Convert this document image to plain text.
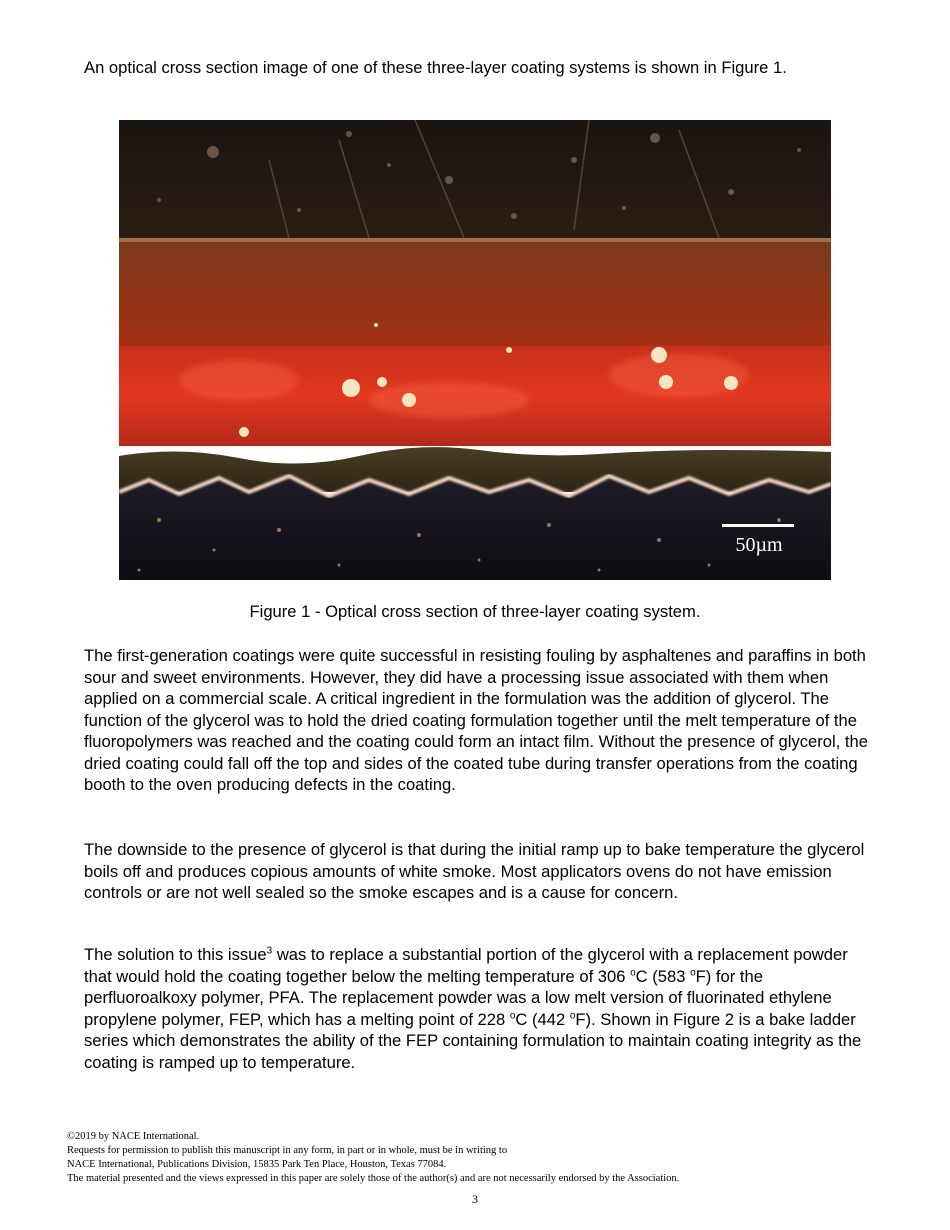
An optical cross section image of one of these three-layer coating systems is shown in Figure 1.

50µm
Figure 1 - Optical cross section of three-layer coating system.

The first-generation coatings were quite successful in resisting fouling by asphaltenes and paraffins in both sour and sweet environments. However, they did have a processing issue associated with them when applied on a commercial scale. A critical ingredient in the formulation was the addition of glycerol. The function of the glycerol was to hold the dried coating formulation together until the melt temperature of the fluoropolymers was reached and the coating could form an intact film. Without the presence of glycerol, the dried coating could fall off the top and sides of the coated tube during transfer operations from the coating booth to the oven producing defects in the coating.

The downside to the presence of glycerol is that during the initial ramp up to bake temperature the glycerol boils off and produces copious amounts of white smoke. Most applicators ovens do not have emission controls or are not well sealed so the smoke escapes and is a cause for concern.

The solution to this issue$^3$ was to replace a substantial portion of the glycerol with a replacement powder that would hold the coating together below the melting temperature of 306 $^o$C (583 $^o$F) for the perfluoroalkoxy polymer, PFA. The replacement powder was a low melt version of fluorinated ethylene propylene polymer, FEP, which has a melting point of 228 $^o$C (442 $^o$F). Shown in Figure 2 is a bake ladder series which demonstrates the ability of the FEP containing formulation to maintain coating integrity as the coating is ramped up to temperature.

©2019 by NACE International.
Requests for permission to publish this manuscript in any form, in part or in whole, must be in writing to
NACE International, Publications Division, 15835 Park Ten Place, Houston, Texas 77084.
The material presented and the views expressed in this paper are solely those of the author(s) and are not necessarily endorsed by the Association.
3
